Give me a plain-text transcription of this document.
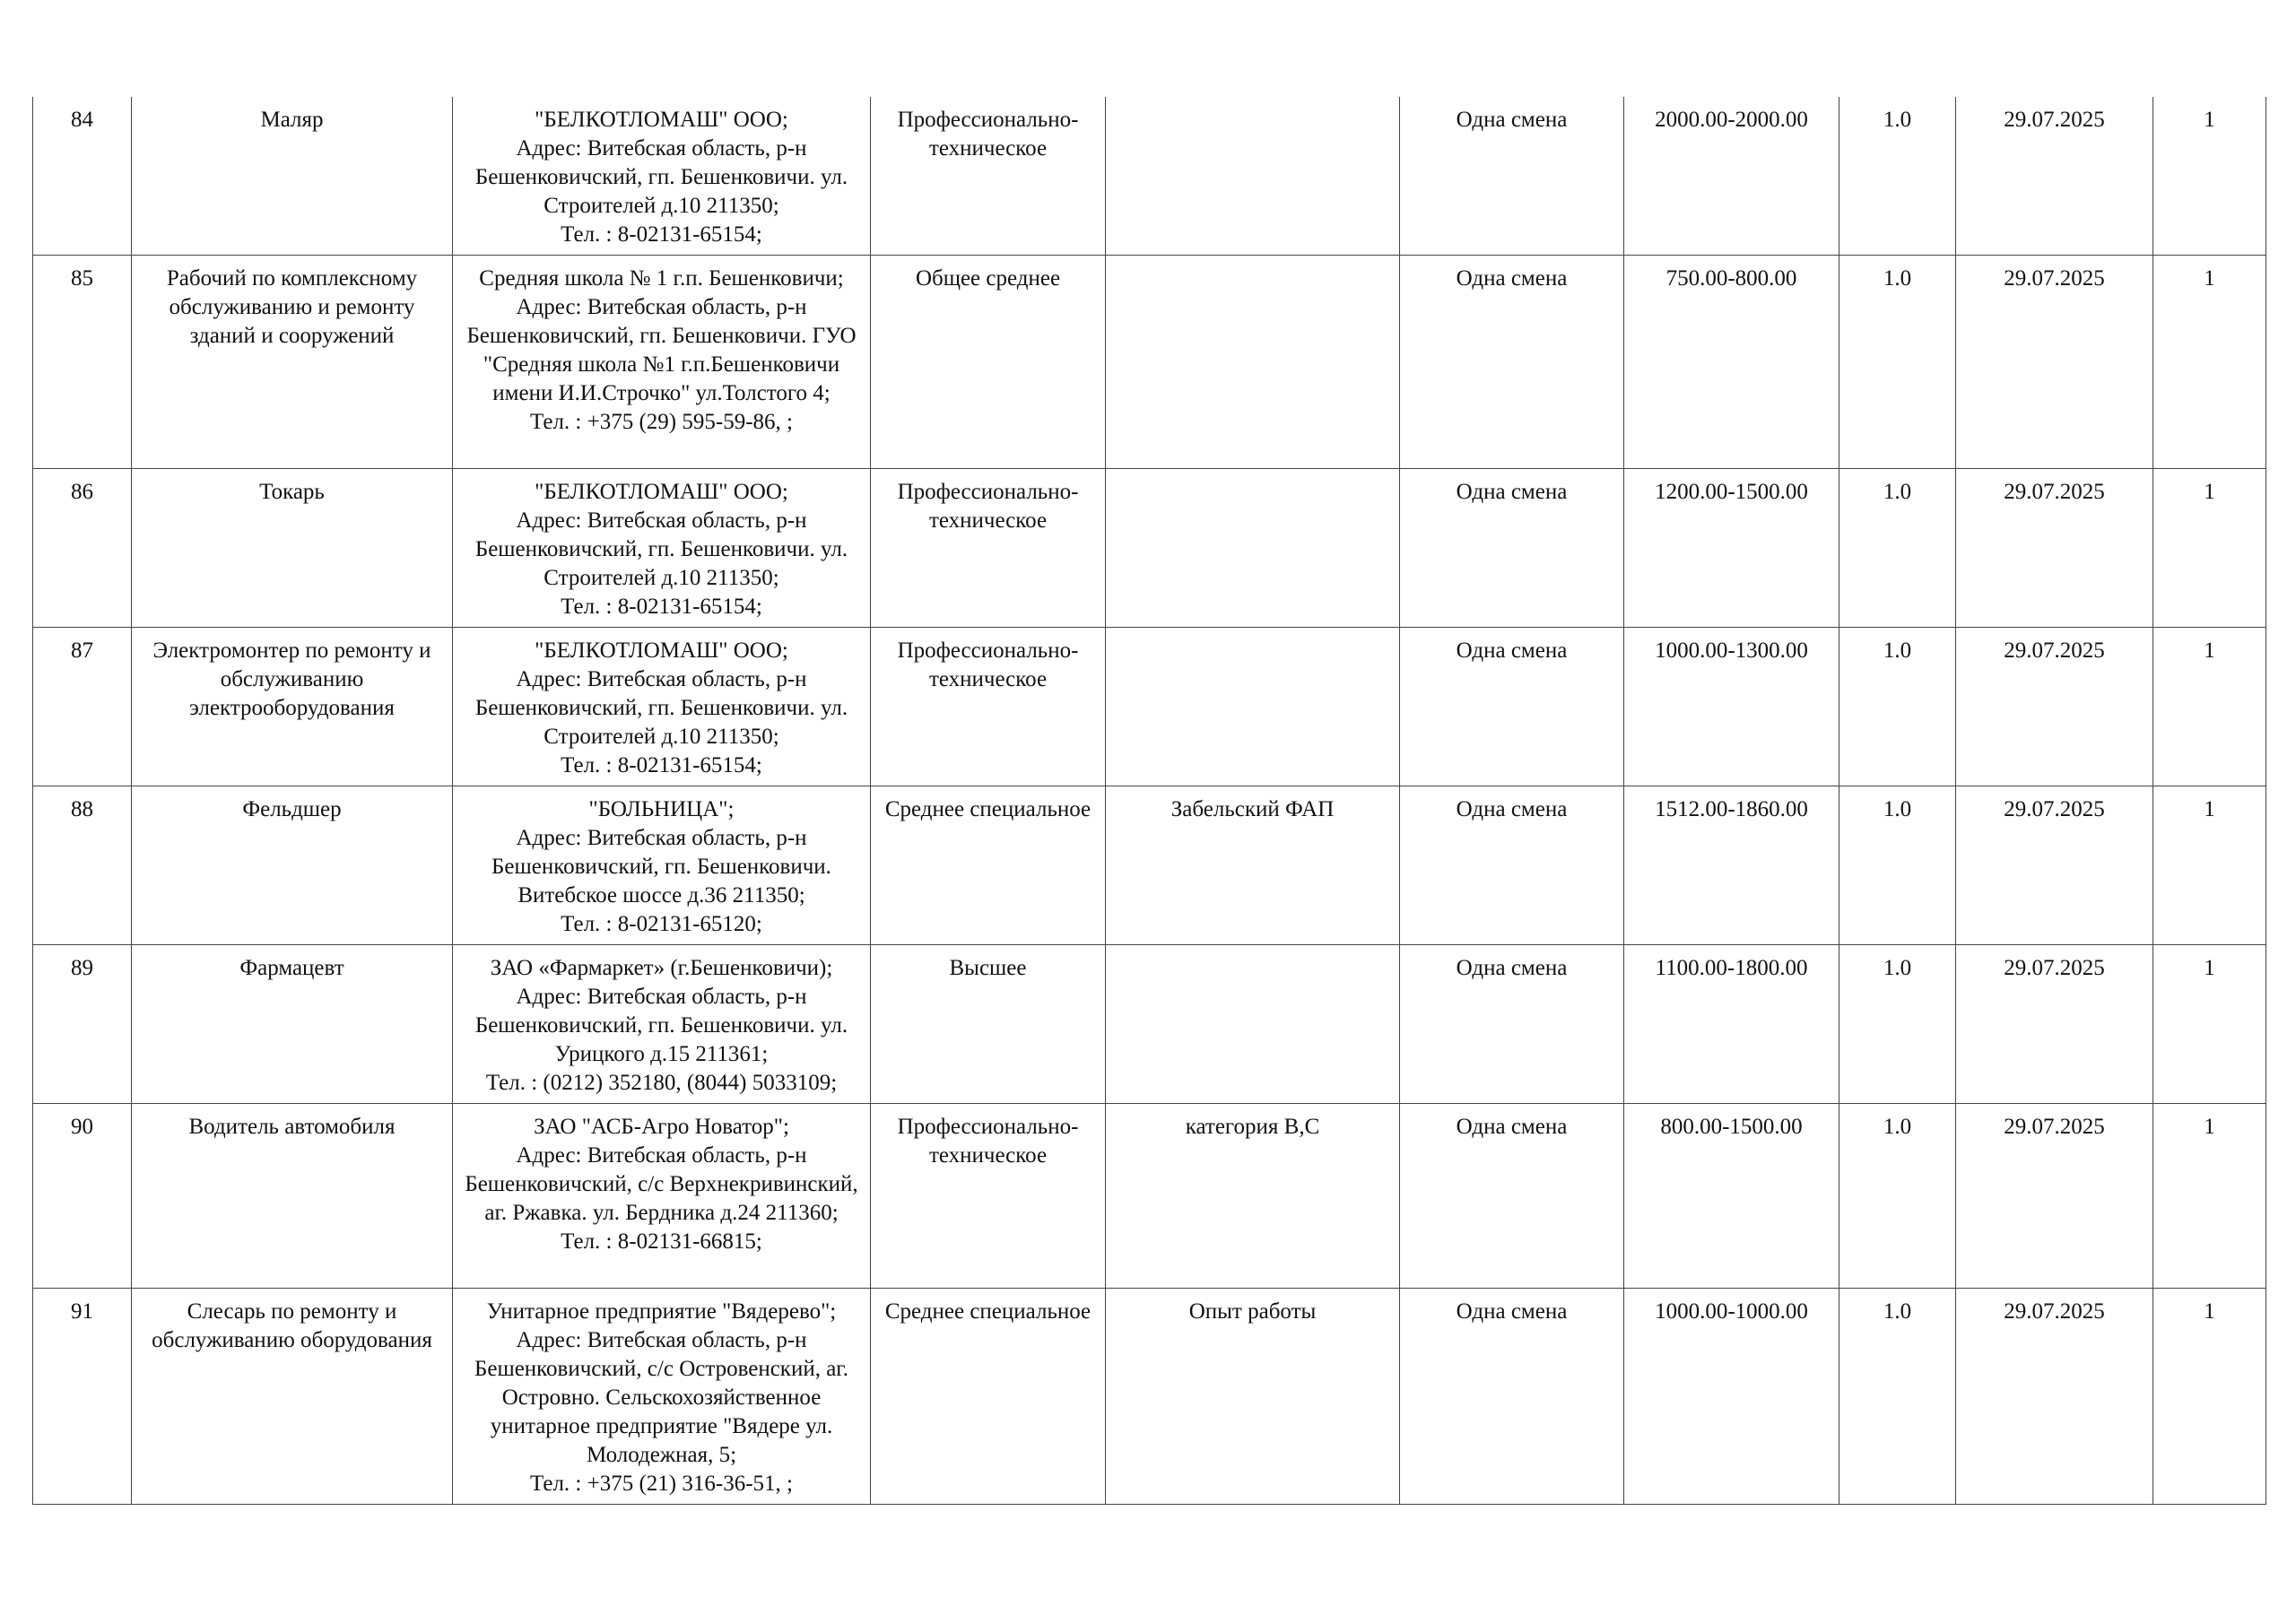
84	Маляр	"БЕЛКОТЛОМАШ" ООО;
Адрес: Витебская область, р-н Бешенковичский, гп. Бешенковичи. ул. Строителей д.10 211350;
Тел. : 8-02131-65154;	Профессионально-техническое		Одна смена	2000.00-2000.00	1.0	29.07.2025	1
85	Рабочий по комплексному обслуживанию и ремонту зданий и сооружений	Средняя школа № 1 г.п. Бешенковичи;
Адрес: Витебская область, р-н Бешенковичский, гп. Бешенковичи. ГУО "Средняя школа №1 г.п.Бешенковичи имени И.И.Строчко" ул.Толстого 4;
Тел. : +375 (29) 595-59-86, ;	Общее среднее		Одна смена	750.00-800.00	1.0	29.07.2025	1
86	Токарь	"БЕЛКОТЛОМАШ" ООО;
Адрес: Витебская область, р-н Бешенковичский, гп. Бешенковичи. ул. Строителей д.10 211350;
Тел. : 8-02131-65154;	Профессионально-техническое		Одна смена	1200.00-1500.00	1.0	29.07.2025	1
87	Электромонтер по ремонту и обслуживанию электрооборудования	"БЕЛКОТЛОМАШ" ООО;
Адрес: Витебская область, р-н Бешенковичский, гп. Бешенковичи. ул. Строителей д.10 211350;
Тел. : 8-02131-65154;	Профессионально-техническое		Одна смена	1000.00-1300.00	1.0	29.07.2025	1
88	Фельдшер	"БОЛЬНИЦА";
Адрес: Витебская область, р-н Бешенковичский, гп. Бешенковичи. Витебское шоссе д.36 211350;
Тел. : 8-02131-65120;	Среднее специальное	Забельский ФАП	Одна смена	1512.00-1860.00	1.0	29.07.2025	1
89	Фармацевт	ЗАО «Фармаркет» (г.Бешенковичи);
Адрес: Витебская область, р-н Бешенковичский, гп. Бешенковичи. ул. Урицкого д.15 211361;
Тел. : (0212) 352180, (8044) 5033109;	Высшее		Одна смена	1100.00-1800.00	1.0	29.07.2025	1
90	Водитель автомобиля	ЗАО "АСБ-Агро Новатор";
Адрес: Витебская область, р-н Бешенковичский, с/с Верхнекривинский, аг. Ржавка. ул. Бердника д.24 211360;
Тел. : 8-02131-66815;	Профессионально-техническое	категория В,С	Одна смена	800.00-1500.00	1.0	29.07.2025	1
91	Слесарь по ремонту и обслуживанию оборудования	Унитарное предприятие "Вядерево";
Адрес: Витебская область, р-н Бешенковичский, с/с Островенский, аг. Островно. Сельскохозяйственное унитарное предприятие "Вядере ул. Молодежная, 5;
Тел. : +375 (21) 316-36-51, ;	Среднее специальное	Опыт работы	Одна смена	1000.00-1000.00	1.0	29.07.2025	1
